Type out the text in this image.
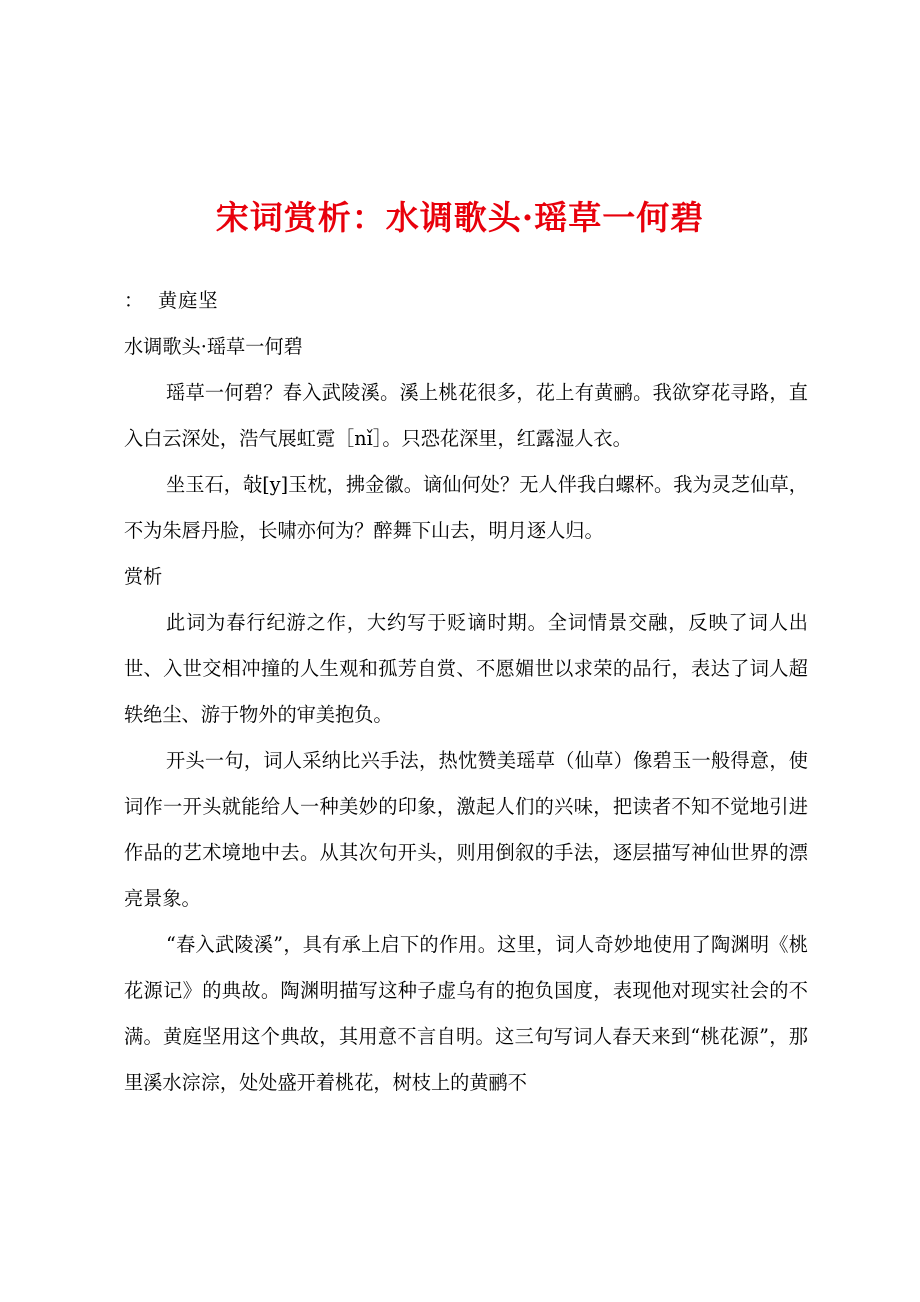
宋词赏析：水调歌头·瑶草一何碧

： 黄庭坚

水调歌头·瑶草一何碧

瑶草一何碧？春入武陵溪。溪上桃花很多，花上有黄鹂。我欲穿花寻路，直入白云深处，浩气展虹霓［nǐ］。只恐花深里，红露湿人衣。

坐玉石，敧[y]玉枕，拂金徽。谪仙何处？无人伴我白螺杯。我为灵芝仙草，不为朱唇丹脸，长啸亦何为？醉舞下山去，明月逐人归。

赏析

此词为春行纪游之作，大约写于贬谪时期。全词情景交融，反映了词人出世、入世交相冲撞的人生观和孤芳自赏、不愿媚世以求荣的品行，表达了词人超轶绝尘、游于物外的审美抱负。

开头一句，词人采纳比兴手法，热忱赞美瑶草（仙草）像碧玉一般得意，使词作一开头就能给人一种美妙的印象，激起人们的兴味，把读者不知不觉地引进作品的艺术境地中去。从其次句开头，则用倒叙的手法，逐层描写神仙世界的漂亮景象。

“春入武陵溪”，具有承上启下的作用。这里，词人奇妙地使用了陶渊明《桃花源记》的典故。陶渊明描写这种子虚乌有的抱负国度，表现他对现实社会的不满。黄庭坚用这个典故，其用意不言自明。这三句写词人春天来到“桃花源”，那里溪水淙淙，处处盛开着桃花，树枝上的黄鹂不
